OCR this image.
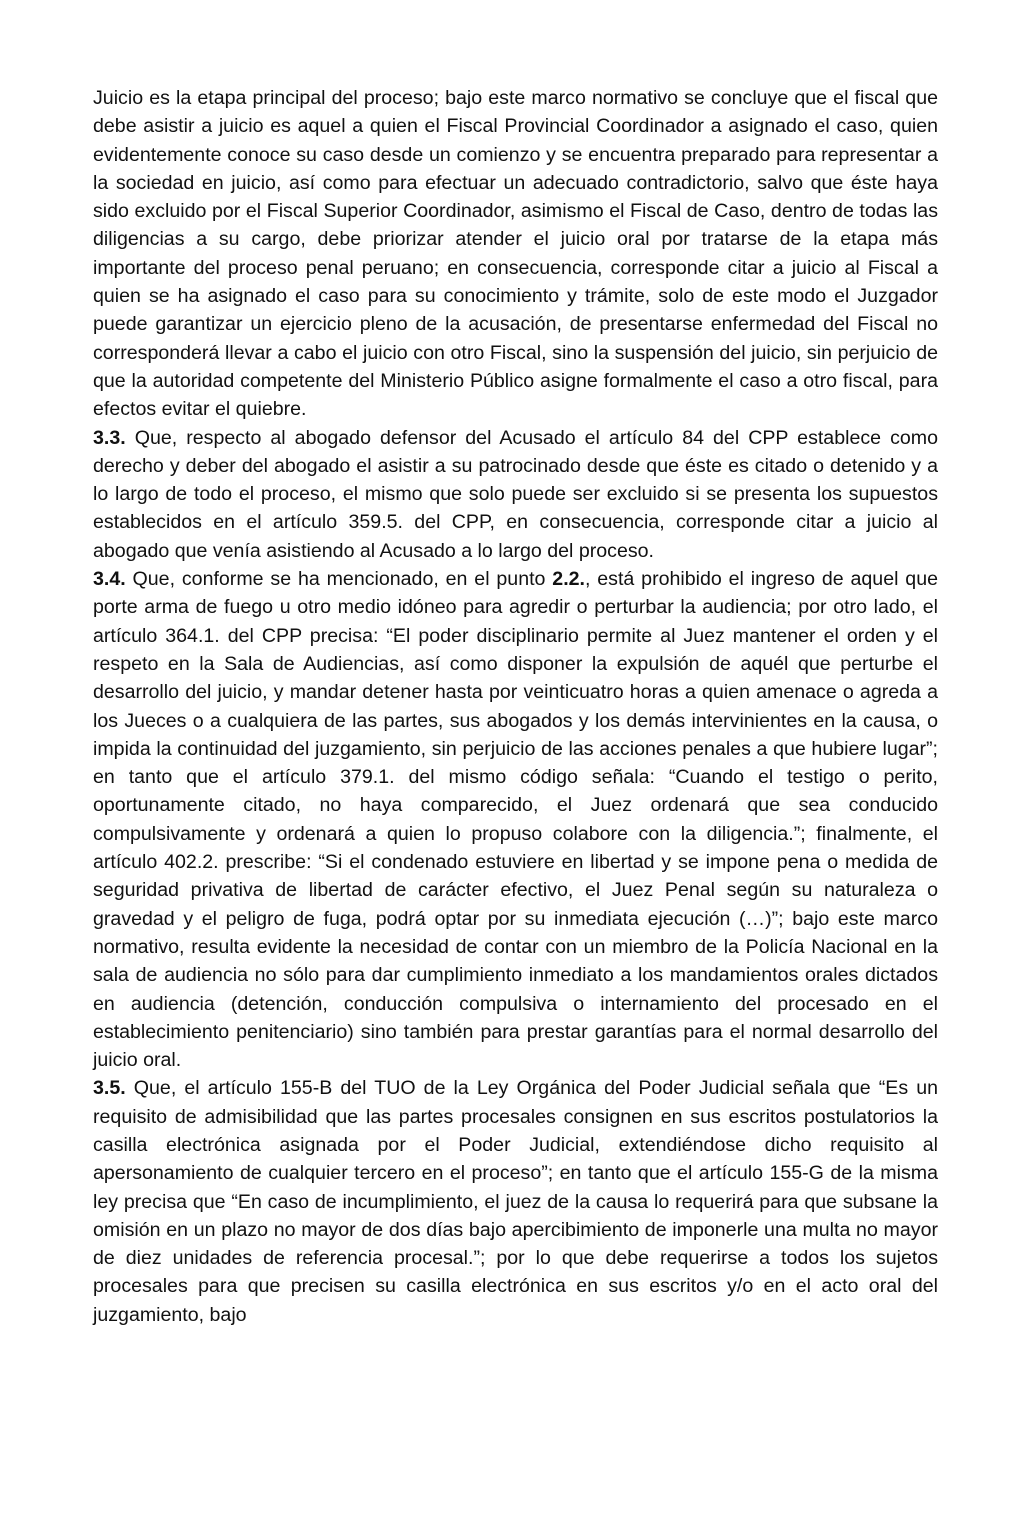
Juicio es la etapa principal del proceso; bajo este marco normativo se concluye que el fiscal que debe asistir a juicio es aquel a quien el Fiscal Provincial Coordinador a asignado el caso, quien evidentemente conoce su caso desde un comienzo y se encuentra preparado para representar a la sociedad en juicio, así como para efectuar un adecuado contradictorio, salvo que éste haya sido excluido por el Fiscal Superior Coordinador, asimismo el Fiscal de Caso, dentro de todas las diligencias a su cargo, debe priorizar atender el juicio oral por tratarse de la etapa más importante del proceso penal peruano; en consecuencia, corresponde citar a juicio al Fiscal a quien se ha asignado el caso para su conocimiento y trámite, solo de este modo el Juzgador puede garantizar un ejercicio pleno de la acusación, de presentarse enfermedad del Fiscal no corresponderá llevar a cabo el juicio con otro Fiscal, sino la suspensión del juicio, sin perjuicio de que la autoridad competente del Ministerio Público asigne formalmente el caso a otro fiscal, para efectos evitar el quiebre.

3.3. Que, respecto al abogado defensor del Acusado el artículo 84 del CPP establece como derecho y deber del abogado el asistir a su patrocinado desde que éste es citado o detenido y a lo largo de todo el proceso, el mismo que solo puede ser excluido si se presenta los supuestos establecidos en el artículo 359.5. del CPP, en consecuencia, corresponde citar a juicio al abogado que venía asistiendo al Acusado a lo largo del proceso.

3.4. Que, conforme se ha mencionado, en el punto 2.2., está prohibido el ingreso de aquel que porte arma de fuego u otro medio idóneo para agredir o perturbar la audiencia; por otro lado, el artículo 364.1. del CPP precisa: “El poder disciplinario permite al Juez mantener el orden y el respeto en la Sala de Audiencias, así como disponer la expulsión de aquél que perturbe el desarrollo del juicio, y mandar detener hasta por veinticuatro horas a quien amenace o agreda a los Jueces o a cualquiera de las partes, sus abogados y los demás intervinientes en la causa, o impida la continuidad del juzgamiento, sin perjuicio de las acciones penales a que hubiere lugar”; en tanto que el artículo 379.1. del mismo código señala: “Cuando el testigo o perito, oportunamente citado, no haya comparecido, el Juez ordenará que sea conducido compulsivamente y ordenará a quien lo propuso colabore con la diligencia.”; finalmente, el artículo 402.2. prescribe: “Si el condenado estuviere en libertad y se impone pena o medida de seguridad privativa de libertad de carácter efectivo, el Juez Penal según su naturaleza o gravedad y el peligro de fuga, podrá optar por su inmediata ejecución (…)”; bajo este marco normativo, resulta evidente la necesidad de contar con un miembro de la Policía Nacional en la sala de audiencia no sólo para dar cumplimiento inmediato a los mandamientos orales dictados en audiencia (detención, conducción compulsiva o internamiento del procesado en el establecimiento penitenciario) sino también para prestar garantías para el normal desarrollo del juicio oral.

3.5. Que, el artículo 155-B del TUO de la Ley Orgánica del Poder Judicial señala que “Es un requisito de admisibilidad que las partes procesales consignen en sus escritos postulatorios la casilla electrónica asignada por el Poder Judicial, extendiéndose dicho requisito al apersonamiento de cualquier tercero en el proceso”; en tanto que el artículo 155-G de la misma ley precisa que “En caso de incumplimiento, el juez de la causa lo requerirá para que subsane la omisión en un plazo no mayor de dos días bajo apercibimiento de imponerle una multa no mayor de diez unidades de referencia procesal.”; por lo que debe requerirse a todos los sujetos procesales para que precisen su casilla electrónica en sus escritos y/o en el acto oral del juzgamiento, bajo
